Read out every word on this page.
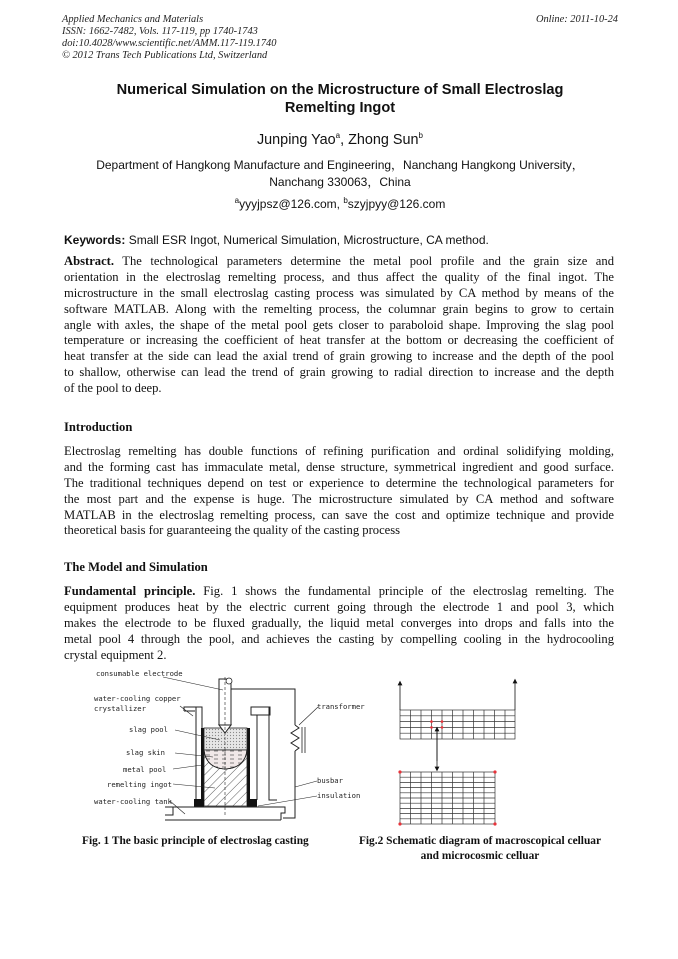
Applied Mechanics and Materials
ISSN: 1662-7482, Vols. 117-119, pp 1740-1743
doi:10.4028/www.scientific.net/AMM.117-119.1740
© 2012 Trans Tech Publications Ltd, Switzerland
Online: 2011-10-24
Numerical Simulation on the Microstructure of Small Electroslag
Remelting Ingot
Junping Yao$^a$, Zhong Sun$^b$
Department of Hangkong Manufacture and Engineering，Nanchang Hangkong University，
Nanchang 330063，China
$^a$yyyjpsz@126.com, $^b$szyjpyy@126.com
Keywords: Small ESR Ingot, Numerical Simulation, Microstructure, CA method.
Abstract. The technological parameters determine the metal pool profile and the grain size and
orientation in the electroslag remelting process, and thus affect the quality of the final ingot. The
microstructure in the small electroslag casting process was simulated by CA method by means of the
software MATLAB. Along with the remelting process, the columnar grain begins to grow to certain
angle with axles, the shape of the metal pool gets closer to paraboloid shape. Improving the slag pool
temperature or increasing the coefficient of heat transfer at the bottom or decreasing the coefficient of
heat transfer at the side can lead the axial trend of grain growing to increase and the depth of the pool
to shallow, otherwise can lead the trend of grain growing to radial direction to increase and the depth
of the pool to deep.
Introduction
Electroslag remelting has double functions of refining purification and ordinal solidifying molding,
and the forming cast has immaculate metal, dense structure, symmetrical ingredient and good surface.
The traditional techniques depend on test or experience to determine the technological parameters for
the most part and the expense is huge. The microstructure simulated by CA method and software
MATLAB in the electroslag remelting process, can save the cost and optimize technique and provide
theoretical basis for guaranteeing the quality of the casting process
The Model and Simulation
Fundamental principle. Fig. 1 shows the fundamental principle of the electroslag remelting. The
equipment produces heat by the electric current going through the electrode 1 and pool 3, which
makes the electrode to be fluxed gradually, the liquid metal converges into drops and falls into the
metal pool 4 through the pool, and achieves the casting by compelling cooling in the hydrocooling
crystal equipment 2.
consumable electrode
water-cooling copper
crystallizer
slag pool
slag skin
metal pool
remelting ingot
water-cooling tank
transformer
busbar
insulation
Fig. 1 The basic principle of electroslag casting	Fig.2 Schematic diagram of macroscopical celluar
and microcosmic celluar
